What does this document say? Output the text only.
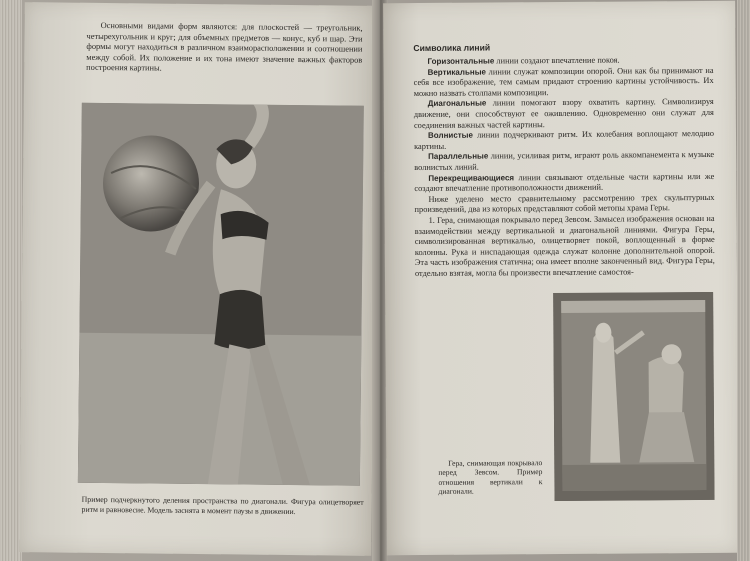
Основными видами форм являются: для плоскостей — треугольник, четырехугольник и круг; для объемных предметов — конус, куб и шар. Эти формы могут находиться в различном взаиморасположении и соотношении между собой. Их положение и их тона имеют значение важных факторов построения картины.

Пример подчеркнутого деления пространства по диагонали. Фигура олицетворяет ритм и равновесие. Модель заснята в момент паузы в движении.
Символика линий

Горизонтальные линии создают впечатление покоя.

Вертикальные линии служат композиции опорой. Они как бы принимают на себя все изображение, тем самым придают строению картины устойчивость. Их можно назвать столпами композиции.

Диагональные линии помогают взору охватить картину. Символизируя движение, они способствуют ее оживлению. Одновременно они служат для соединения важных частей картины.

Волнистые линии подчеркивают ритм. Их колебания воплощают мелодию картины.

Параллельные линии, усиливая ритм, играют роль аккомпанемента к музыке волнистых линий.

Перекрещивающиеся линии связывают отдельные части картины или же создают впечатление противоположности движений.

Ниже уделено место сравнительному рассмотрению трех скульптурных произведений, два из которых представляют собой метопы храма Геры.

1. Гера, снимающая покрывало перед Зевсом. Замысел изображения основан на взаимодействии между вертикальной и диагональной линиями. Фигура Геры, символизированная вертикалью, олицетворяет покой, воплощенный в форме колонны. Рука и ниспадающая одежда служат колонне дополнительной опорой. Эта часть изображения статична; она имеет вполне законченный вид. Фигура Геры, отдельно взятая, могла бы произвести впечатление самостоя-

Гера, снимающая покрывало перед Зевсом. Пример отношения вертикали к диагонали.
